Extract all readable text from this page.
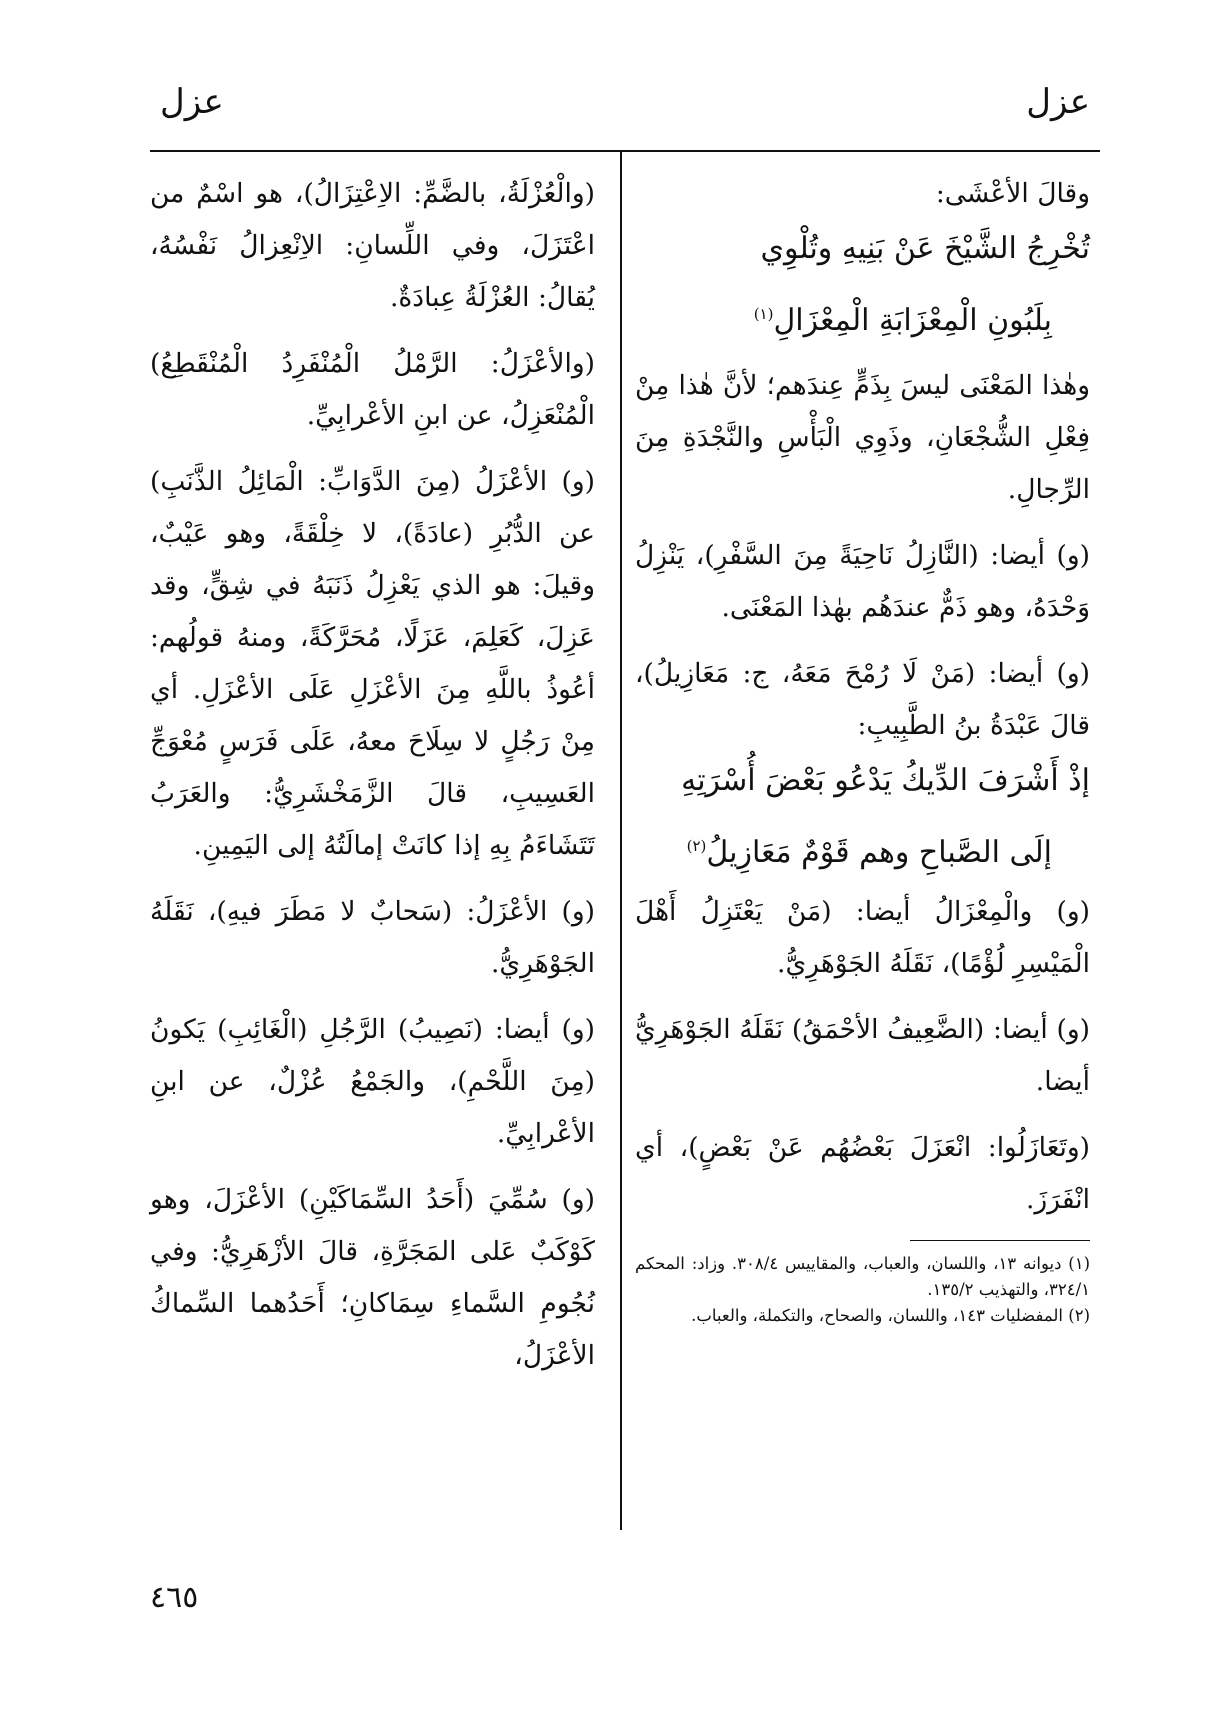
عزل
عزل

وقالَ الأعْشَى:

تُخْرِجُ الشَّيْخَ عَنْ بَنِيهِ وتُلْوِي

بِلَبُونِ الْمِعْزَابَةِ الْمِعْزَالِ$^{(١)}$

وهٰذا المَعْنَى ليسَ بِذَمٍّ عِندَهم؛ لأنَّ هٰذا مِنْ فِعْلِ الشُّجْعَانِ، وذَوِي الْبَأْسِ والنَّجْدَةِ مِنَ الرِّجالِ.

(و) أيضا: (النَّازِلُ نَاحِيَةً مِنَ السَّفْرِ)، يَنْزِلُ وَحْدَهُ، وهو ذَمٌّ عندَهُم بهٰذا المَعْنَى.

(و) أيضا: (مَنْ لَا رُمْحَ مَعَهُ، ج: مَعَازِيلُ)، قالَ عَبْدَةُ بنُ الطَّبِيبِ:

إذْ أَشْرَفَ الدِّيكُ يَدْعُو بَعْضَ أُسْرَتِهِ

إلَى الصَّباحِ وهم قَوْمٌ مَعَازِيلُ$^{(٢)}$

(و) والْمِعْزَالُ أيضا: (مَنْ يَعْتَزِلُ أَهْلَ الْمَيْسِرِ لُؤْمًا)، نَقَلَهُ الجَوْهَرِيُّ.

(و) أيضا: (الضَّعِيفُ الأحْمَقُ) نَقَلَهُ الجَوْهَرِيُّ أيضا.

(وتَعَازَلُوا: انْعَزَلَ بَعْضُهُم عَنْ بَعْضٍ)، أي انْفَرَزَ.

(١) ديوانه ١٣، واللسان، والعباب، والمقاييس ٣٠٨/٤. وزاد: المحكم ٣٢٤/١، والتهذيب ١٣٥/٢.

(٢) المفضليات ١٤٣، واللسان، والصحاح، والتكملة، والعباب.

(والْعُزْلَةُ، بالضَّمِّ: الاِعْتِزَالُ)، هو اسْمٌ من اعْتَزَلَ، وفي اللِّسانِ: الاِنْعِزالُ نَفْسُهُ، يُقالُ: العُزْلَةُ عِبادَةٌ.

(والأعْزَلُ: الرَّمْلُ الْمُنْفَرِدُ الْمُنْقَطِعُ) الْمُنْعَزِلُ، عن ابنِ الأعْرابِيِّ.

(و) الأعْزَلُ (مِنَ الدَّوَابِّ: الْمَائِلُ الذَّنَبِ) عن الدُّبُرِ (عادَةً)، لا خِلْقَةً، وهو عَيْبٌ، وقيلَ: هو الذي يَعْزِلُ ذَنَبَهُ في شِقٍّ، وقد عَزِلَ، كَعَلِمَ، عَزَلًا، مُحَرَّكَةً، ومنهُ قولُهم: أعُوذُ باللَّهِ مِنَ الأعْزَلِ عَلَى الأعْزَلِ. أي مِنْ رَجُلٍ لا سِلَاحَ معهُ، عَلَى فَرَسٍ مُعْوَجِّ العَسِيبِ، قالَ الزَّمَخْشَرِيُّ: والعَرَبُ تَتَشَاءَمُ بِهِ إذا كانَتْ إمالَتُهُ إلى اليَمِينِ.

(و) الأعْزَلُ: (سَحابٌ لا مَطَرَ فيهِ)، نَقَلَهُ الجَوْهَرِيُّ.

(و) أيضا: (نَصِيبُ) الرَّجُلِ (الْغَائِبِ) يَكونُ (مِنَ اللَّحْمِ)، والجَمْعُ عُزْلٌ، عن ابنِ الأعْرابِيِّ.

(و) سُمِّيَ (أَحَدُ السِّمَاكَيْنِ) الأعْزَلَ، وهو كَوْكَبٌ عَلى المَجَرَّةِ، قالَ الأزْهَرِيُّ: وفي نُجُومِ السَّماءِ سِمَاكانِ؛ أَحَدُهما السِّماكُ الأعْزَلُ،

٤٦٥
